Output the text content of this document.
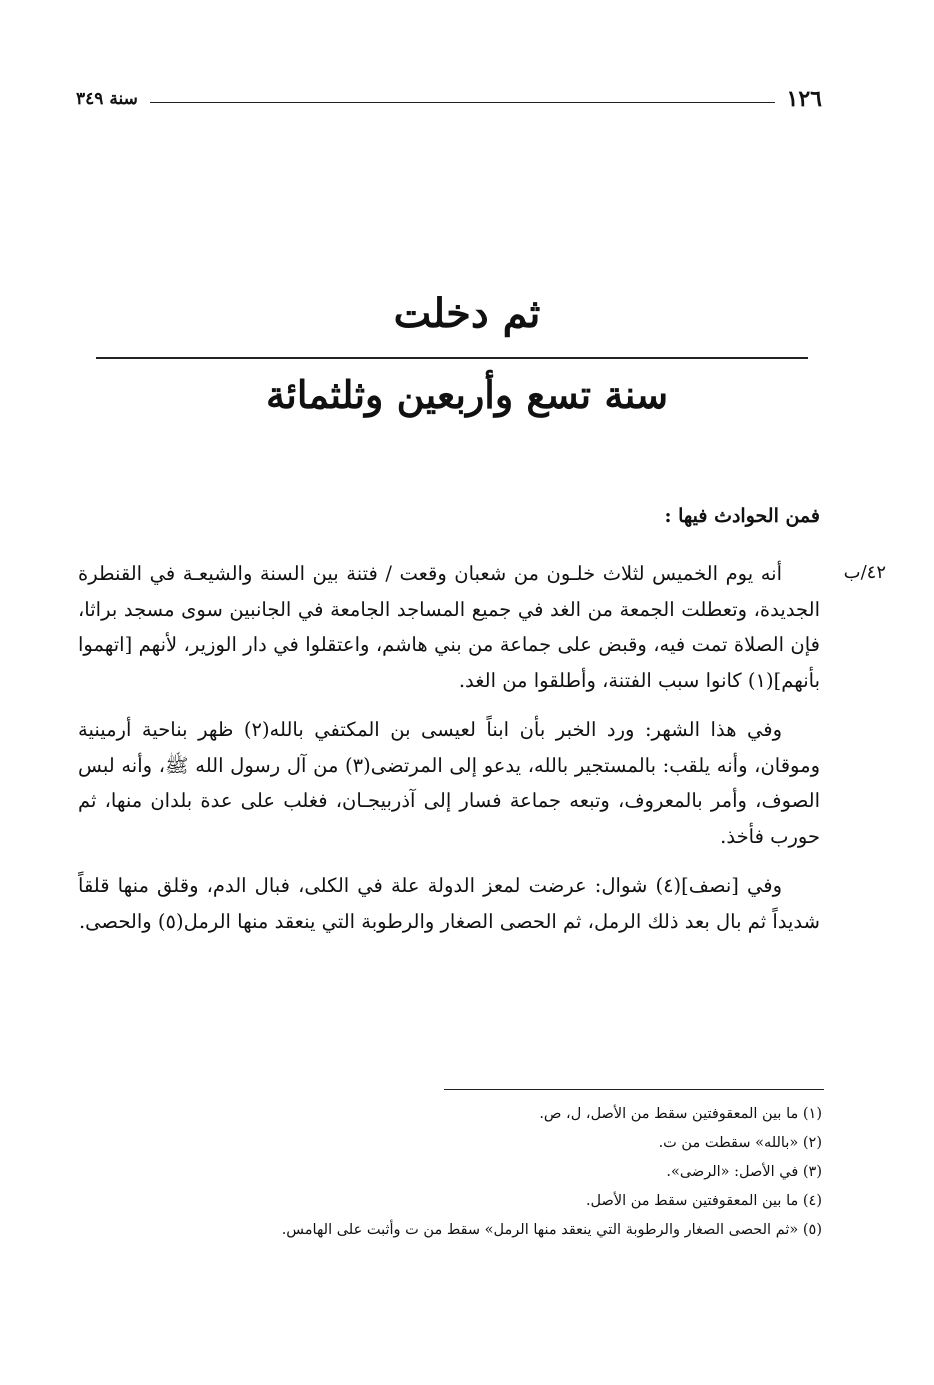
١٢٦
سنة ٣٤٩
ثم دخلت
سنة تسع وأربعين وثلثمائة
فمن الحوادث فيها :
٤٢/ب

أنه يوم الخميس لثلاث خلـون من شعبان وقعت / فتنة بين السنة والشيعـة في القنطرة الجديدة، وتعطلت الجمعة من الغد في جميع المساجد الجامعة في الجانبين سوى مسجد براثا، فإن الصلاة تمت فيه، وقبض على جماعة من بني هاشم، واعتقلوا في دار الوزير، لأنهم [اتهموا بأنهم](١) كانوا سبب الفتنة، وأطلقوا من الغد.

وفي هذا الشهر: ورد الخبر بأن ابناً لعيسى بن المكتفي بالله(٢) ظهر بناحية أرمينية وموقان، وأنه يلقب: بالمستجير بالله، يدعو إلى المرتضى(٣) من آل رسول الله ﷺ، وأنه لبس الصوف، وأمر بالمعروف، وتبعه جماعة فسار إلى آذربيجـان، فغلب على عدة بلدان منها، ثم حورب فأخذ.

وفي [نصف](٤) شوال: عرضت لمعز الدولة علة في الكلى، فبال الدم، وقلق منها قلقاً شديداً ثم بال بعد ذلك الرمل، ثم الحصى الصغار والرطوبة التي ينعقد منها الرمل(٥) والحصى.

(١) ما بين المعقوفتين سقط من الأصل، ل، ص.
(٢) «بالله» سقطت من ت.
(٣) في الأصل: «الرضى».
(٤) ما بين المعقوفتين سقط من الأصل.
(٥) «ثم الحصى الصغار والرطوبة التي ينعقد منها الرمل» سقط من ت وأثبت على الهامس.
